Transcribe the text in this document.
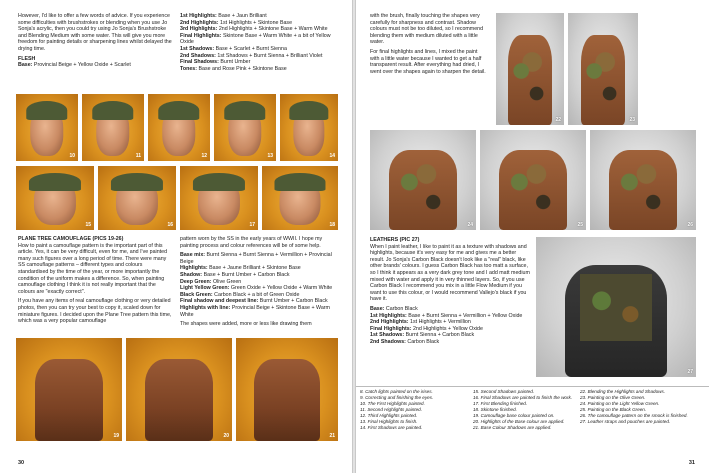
However, I'd like to offer a few words of advice. If you experience some difficulties with brushstrokes or blending when you use Jo Sonja's acrylic, then you could try using Jo Sonja's Brushstroke and Blending Medium with some water. This will give you more freedom for painting details or sharpening lines whilst delayed the drying time.

FLESH
Base: Provincial Beige + Yellow Oxide + Scarlet
1st Highlights: Base + Jaun Brilliant
2nd Highlights: 1st Highlights + Skintone Base
3rd Highlights: 2nd Highlights + Skintone Base + Warm White
Final Highlights: Skintone Base + Warm White + a bit of Yellow Oxide
1st Shadows: Base + Scarlet + Burnt Sienna
2nd Shadows: 1st Shadows + Burnt Sienna + Brilliant Violet
Final Shadows: Burnt Umber
Tones: Base and Rose Pink + Skintone Base
10	11	12	13	14
15	16	17	18
PLANE TREE CAMOUFLAGE (PICS 19-26)

How to paint a camouflage pattern is the important part of this article. Yes, it can be very difficult, even for me, and I've painted many such figures over a long period of time. There were many SS camouflage patterns – different types and colours standardised by the time of the year, or more importantly the condition of the uniform makes a difference. So, when painting camouflage clothing I think it is not really important that the colours are "exactly correct".

If you have any items of real camouflage clothing or very detailed photos, then you can try your best to copy it, scaled down for miniature figures. I decided upon the Plane Tree pattern this time, which was a very popular camouflage

pattern worn by the SS in the early years of WWII. I hope my painting process and colour references will be of some help.

Base mix: Burnt Sienna + Burnt Sienna + Vermillion + Provincial Beige
Highlights: Base + Jaune Brilliant + Skintone Base
Shadow: Base + Burnt Umber + Carbon Black
Deep Green: Olive Green
Light Yellow Green: Green Oxide + Yellow Oxide + Warm White
Black Green: Carbon Black + a bit of Green Oxide
Final shadow and deepest line: Burnt Umber + Carbon Black

Highlights with line: Provincial Beige + Skintone Base + Warm White

The shapes were added, more or less like drawing them

19	20	21
30

with the brush, finally touching the shapes very carefully for sharpness and contrast. Shadow colours must not be too diluted, so I recommend blending them with medium diluted with a little water.

For final highlights and lines, I mixed the paint with a little water because I wanted to get a half transparent result. After everything had dried, I went over the shapes again to sharpen the detail.

22	23
24	25	26
LEATHERS (PIC 27)

When I paint leather, I like to paint it as a texture with shadows and highlights, because it's very easy for me and gives me a better result. Jo Sonja's Carbon Black doesn't look like a "real" black, like other brands' colours. I guess Carbon Black has too matt a surface, so I think it appears as a very dark grey tone and I add matt medium mixed with water and apply it in very thinned layers. So, if you use Carbon Black I recommend you mix in a little Flow Medium if you want to use this colour, or I would recommend Vallejo's black if you have it.

Base: Carbon Black
1st Highlights: Base + Burnt Sienna + Vermillion + Yellow Oxide
2nd Highlights: 1st Highlights + Vermillion
Final Highlights: 2nd Highlights + Yellow Oxide
1st Shadows: Burnt Sienna + Carbon Black
2nd Shadows: Carbon Black
27
8. Catch lights painted on the irises.
9. Correcting and finishing the eyes.
10. The First Highlights painted.
11. Second Highlights painted.
12. Third Highlights painted.
13. Final Highlights to finish.
14. First Shadows are painted.
15. Second Shadows painted.
16. Final Shadows are painted to finish the work.
17. First Blending finished.
18. Skintone finished.
19. Camouflage base colour painted on.
20. Highlights of the Base colour are applied.
21. Base Colour Shadows are applied.
22. Blending the Highlights and Shadows.
23. Painting on the Olive Green.
24. Painting on the Light Yellow Green.
25. Painting on the Black Green.
26. The camouflage pattern on the smock is finished.
27. Leather straps and pouches are painted.
31
